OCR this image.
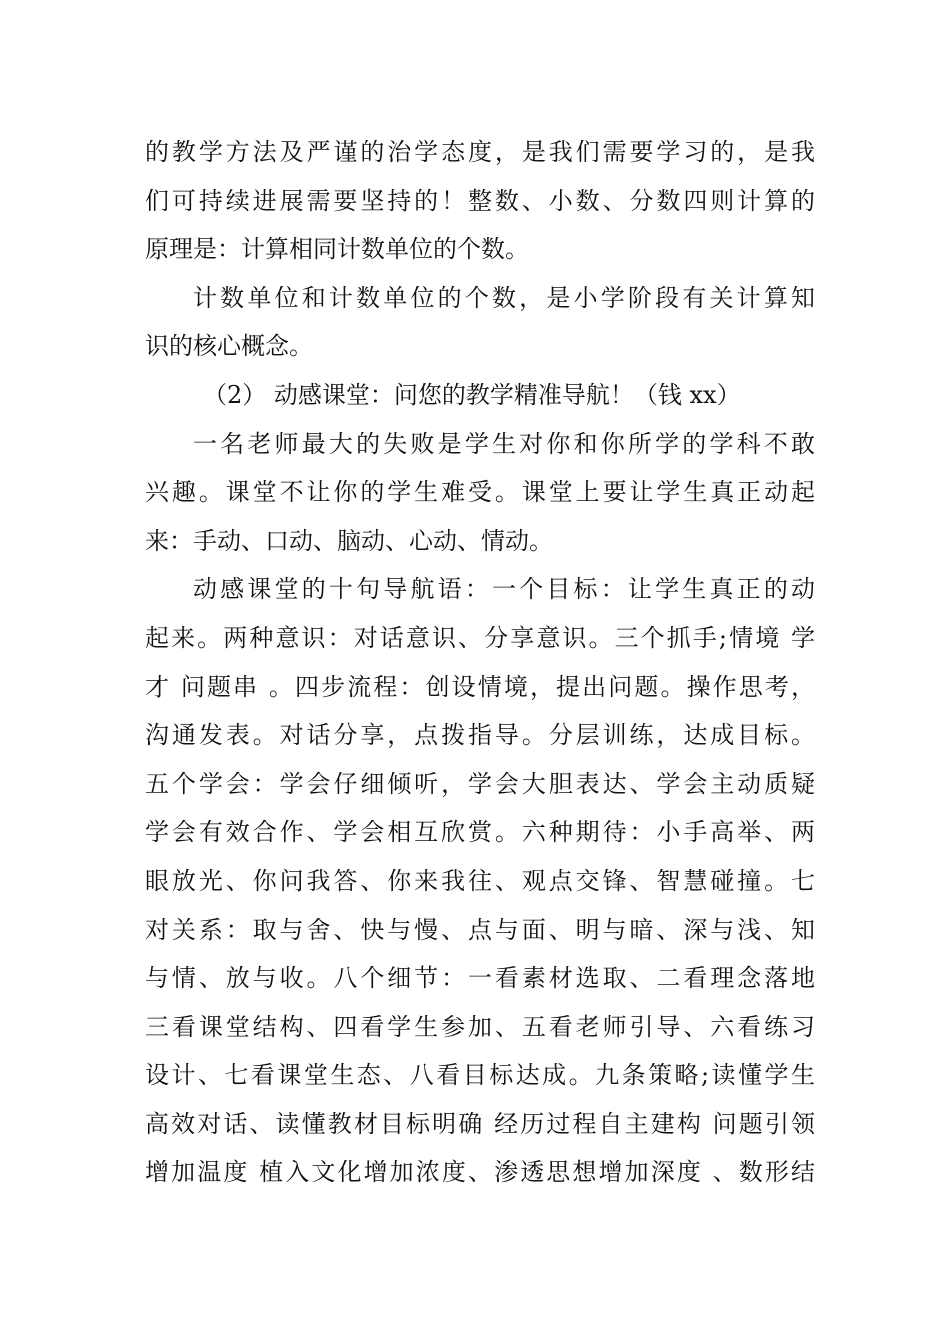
的教学方法及严谨的治学态度，是我们需要学习的，是我
们可持续进展需要坚持的！整数、小数、分数四则计算的
原理是：计算相同计数单位的个数。
计数单位和计数单位的个数，是小学阶段有关计算知
识的核心概念。
（2） 动感课堂：问您的教学精准导航！（钱 xx）
一名老师最大的失败是学生对你和你所学的学科不敢
兴趣。课堂不让你的学生难受。课堂上要让学生真正动起
来：手动、口动、脑动、心动、情动。
动感课堂的十句导航语：一个目标：让学生真正的动
起来。两种意识：对话意识、分享意识。三个抓手;情境 学
才 问题串 。四步流程：创设情境，提出问题。操作思考，
沟通发表。对话分享，点拨指导。分层训练，达成目标。
五个学会：学会仔细倾听，学会大胆表达、学会主动质疑
学会有效合作、学会相互欣赏。六种期待：小手高举、两
眼放光、你问我答、你来我往、观点交锋、智慧碰撞。七
对关系：取与舍、快与慢、点与面、明与暗、深与浅、知
与情、放与收。八个细节：一看素材选取、二看理念落地
三看课堂结构、四看学生参加、五看老师引导、六看练习
设计、七看课堂生态、八看目标达成。九条策略;读懂学生
高效对话、读懂教材目标明确 经历过程自主建构 问题引领
增加温度 植入文化增加浓度、渗透思想增加深度 、数形结
